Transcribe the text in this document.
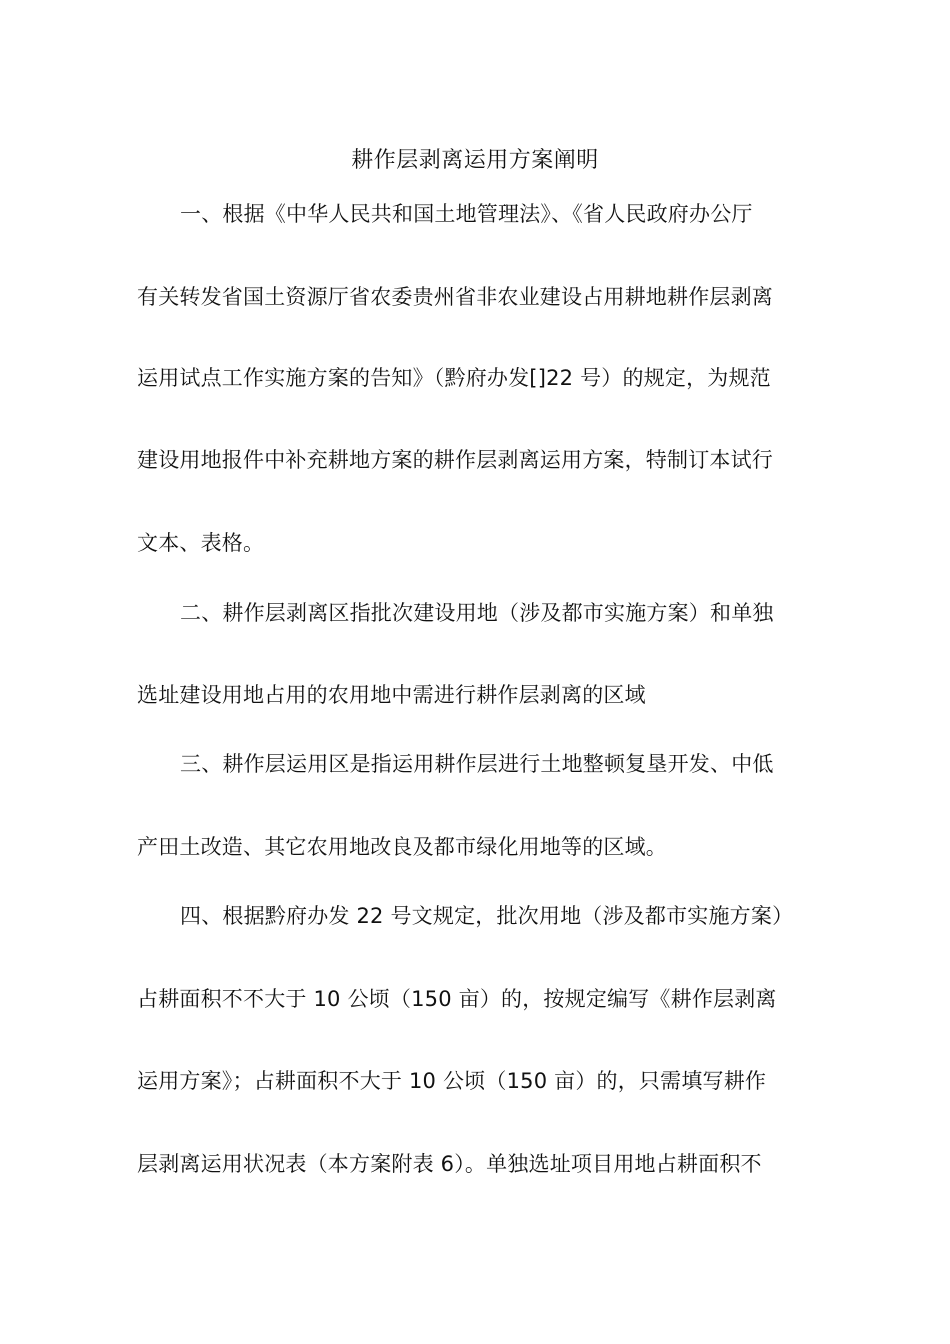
耕作层剥离运用方案阐明
一、根据《中华人民共和国土地管理法》、《省人民政府办公厅
有关转发省国土资源厅省农委贵州省非农业建设占用耕地耕作层剥离
运用试点工作实施方案的告知》（黔府办发[]22 号）的规定，为规范
建设用地报件中补充耕地方案的耕作层剥离运用方案，特制订本试行
文本、表格。
二、耕作层剥离区指批次建设用地（涉及都市实施方案）和单独
选址建设用地占用的农用地中需进行耕作层剥离的区域
三、耕作层运用区是指运用耕作层进行土地整顿复垦开发、中低
产田土改造、其它农用地改良及都市绿化用地等的区域。
四、根据黔府办发 22 号文规定，批次用地（涉及都市实施方案）
占耕面积不不大于 10 公顷（150 亩）的，按规定编写《耕作层剥离
运用方案》；占耕面积不大于 10 公顷（150 亩）的，只需填写耕作
层剥离运用状况表（本方案附表 6）。单独选址项目用地占耕面积不
